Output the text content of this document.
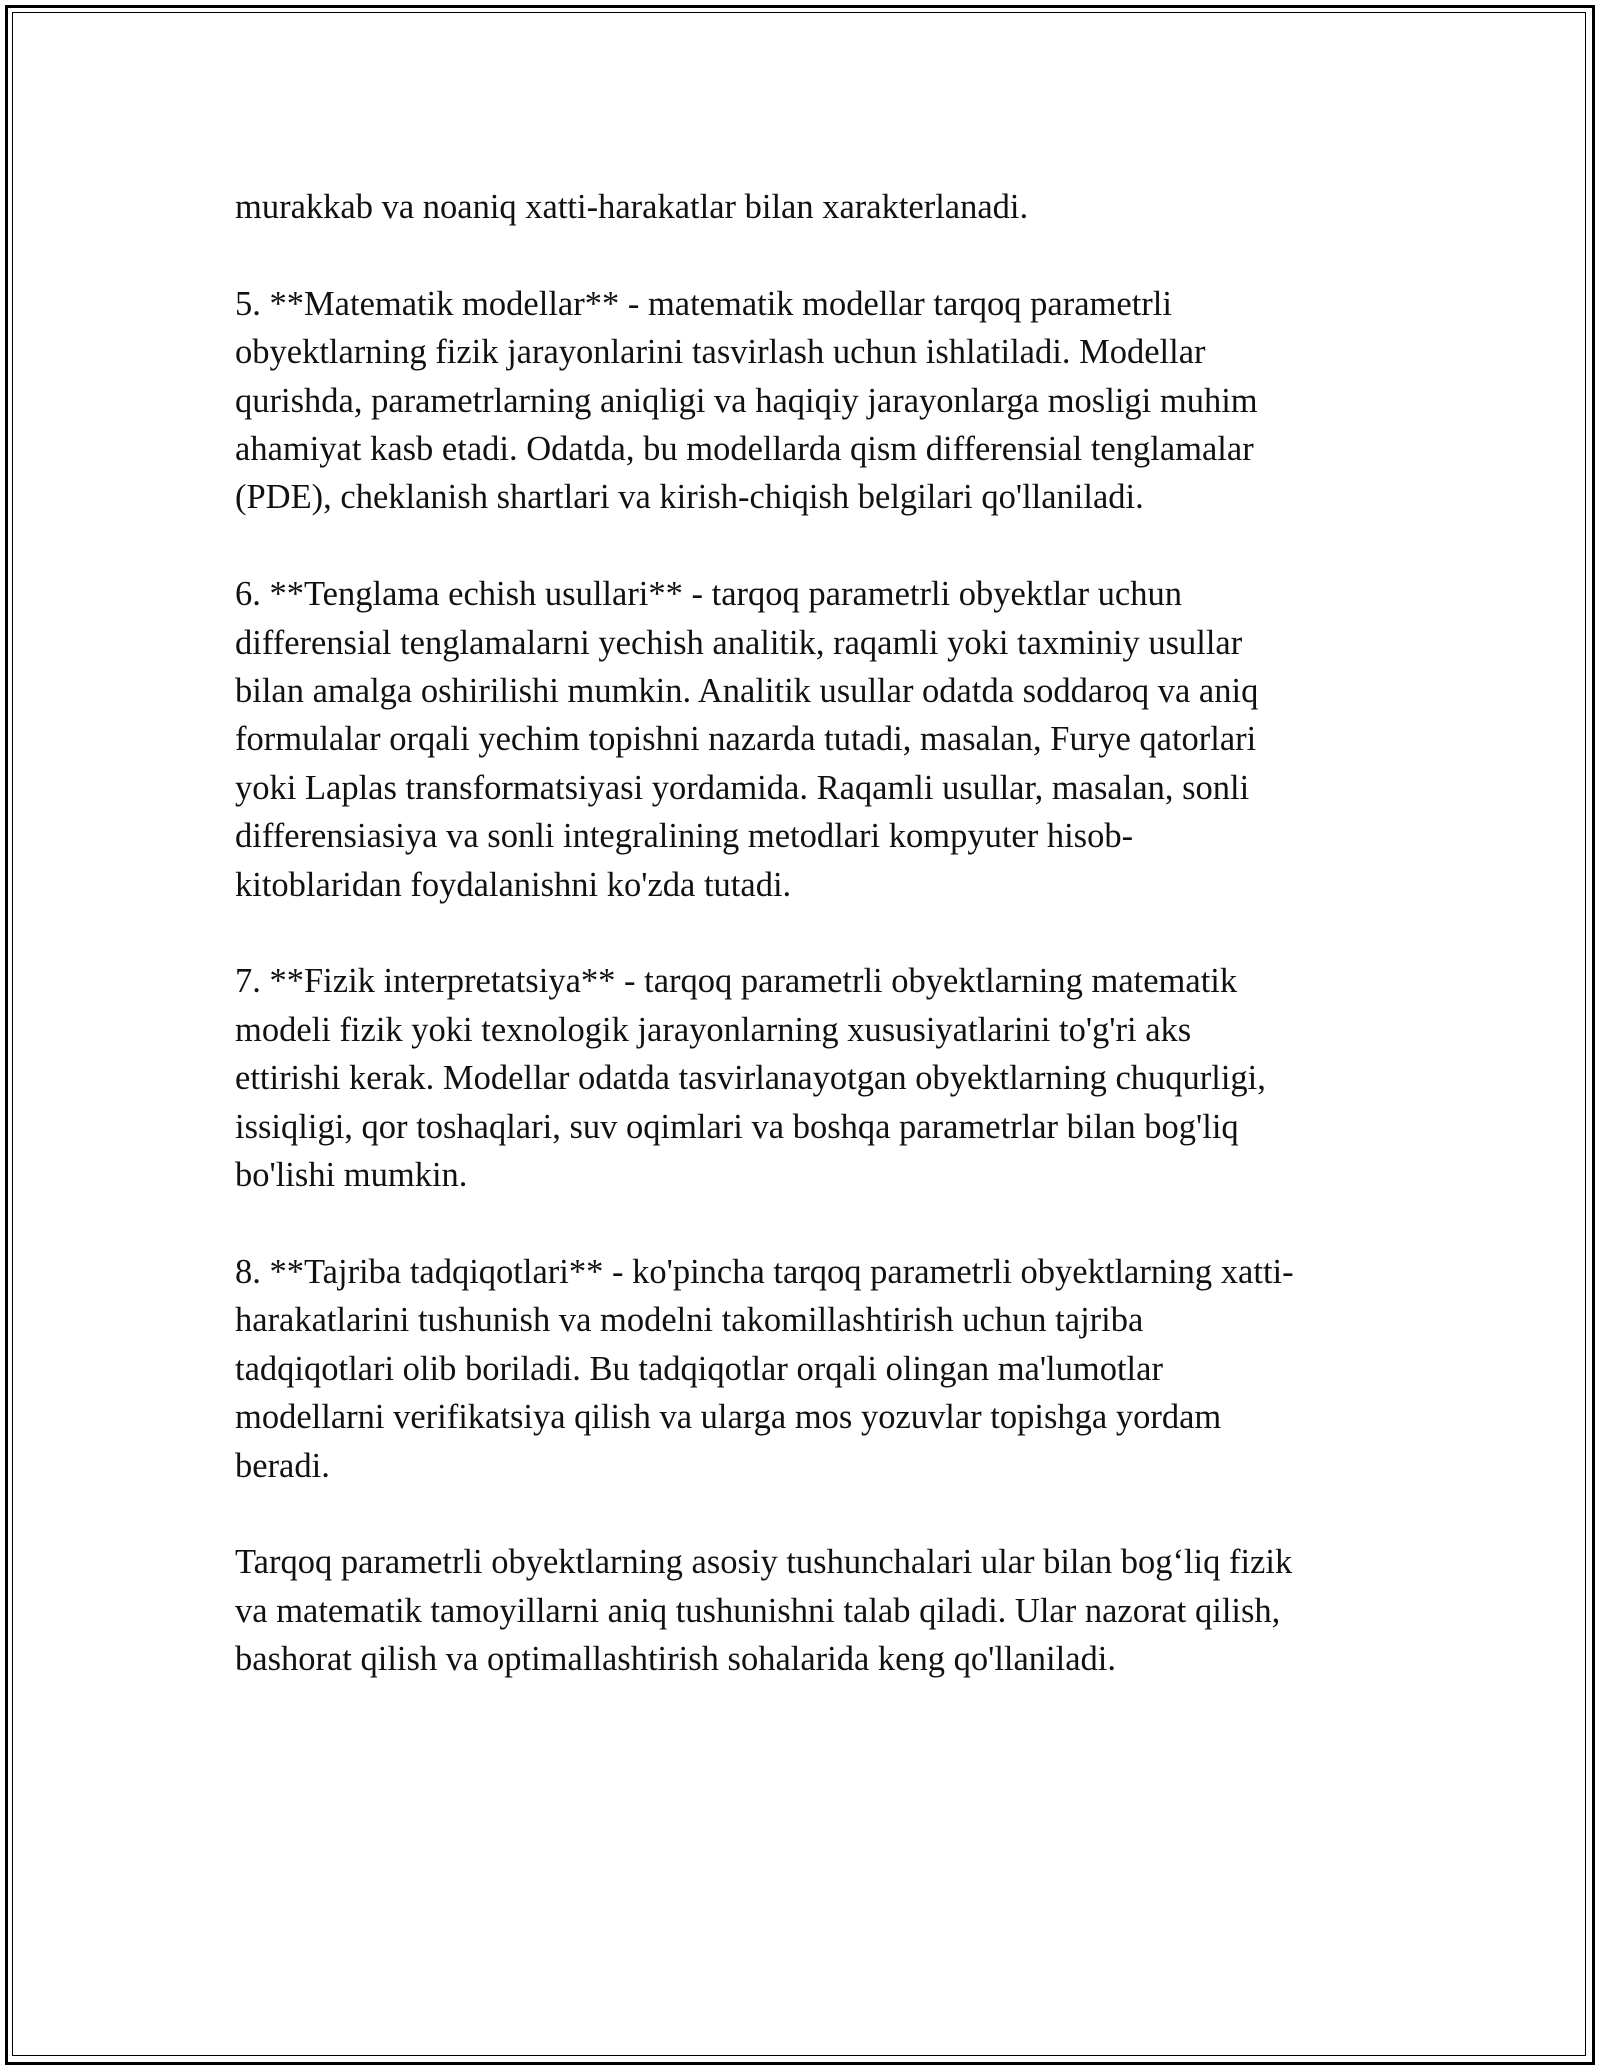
murakkab va noaniq xatti-harakatlar bilan xarakterlanadi.

5. **Matematik modellar** - matematik modellar tarqoq parametrli
obyektlarning fizik jarayonlarini tasvirlash uchun ishlatiladi. Modellar
qurishda, parametrlarning aniqligi va haqiqiy jarayonlarga mosligi muhim
ahamiyat kasb etadi. Odatda, bu modellarda qism differensial tenglamalar
(PDE), cheklanish shartlari va kirish-chiqish belgilari qo'llaniladi.

6. **Tenglama echish usullari** - tarqoq parametrli obyektlar uchun
differensial tenglamalarni yechish analitik, raqamli yoki taxminiy usullar
bilan amalga oshirilishi mumkin. Analitik usullar odatda soddaroq va aniq
formulalar orqali yechim topishni nazarda tutadi, masalan, Furye qatorlari
yoki Laplas transformatsiyasi yordamida. Raqamli usullar, masalan, sonli
differensiasiya va sonli integralining metodlari kompyuter hisob-
kitoblaridan foydalanishni ko'zda tutadi.

7. **Fizik interpretatsiya** - tarqoq parametrli obyektlarning matematik
modeli fizik yoki texnologik jarayonlarning xususiyatlarini to'g'ri aks
ettirishi kerak. Modellar odatda tasvirlanayotgan obyektlarning chuqurligi,
issiqligi, qor toshaqlari, suv oqimlari va boshqa parametrlar bilan bog'liq
bo'lishi mumkin.

8. **Tajriba tadqiqotlari** - ko'pincha tarqoq parametrli obyektlarning xatti-
harakatlarini tushunish va modelni takomillashtirish uchun tajriba
tadqiqotlari olib boriladi. Bu tadqiqotlar orqali olingan ma'lumotlar
modellarni verifikatsiya qilish va ularga mos yozuvlar topishga yordam
beradi.

Tarqoq parametrli obyektlarning asosiy tushunchalari ular bilan bog‘liq fizik
va matematik tamoyillarni aniq tushunishni talab qiladi. Ular nazorat qilish,
bashorat qilish va optimallashtirish sohalarida keng qo'llaniladi.
